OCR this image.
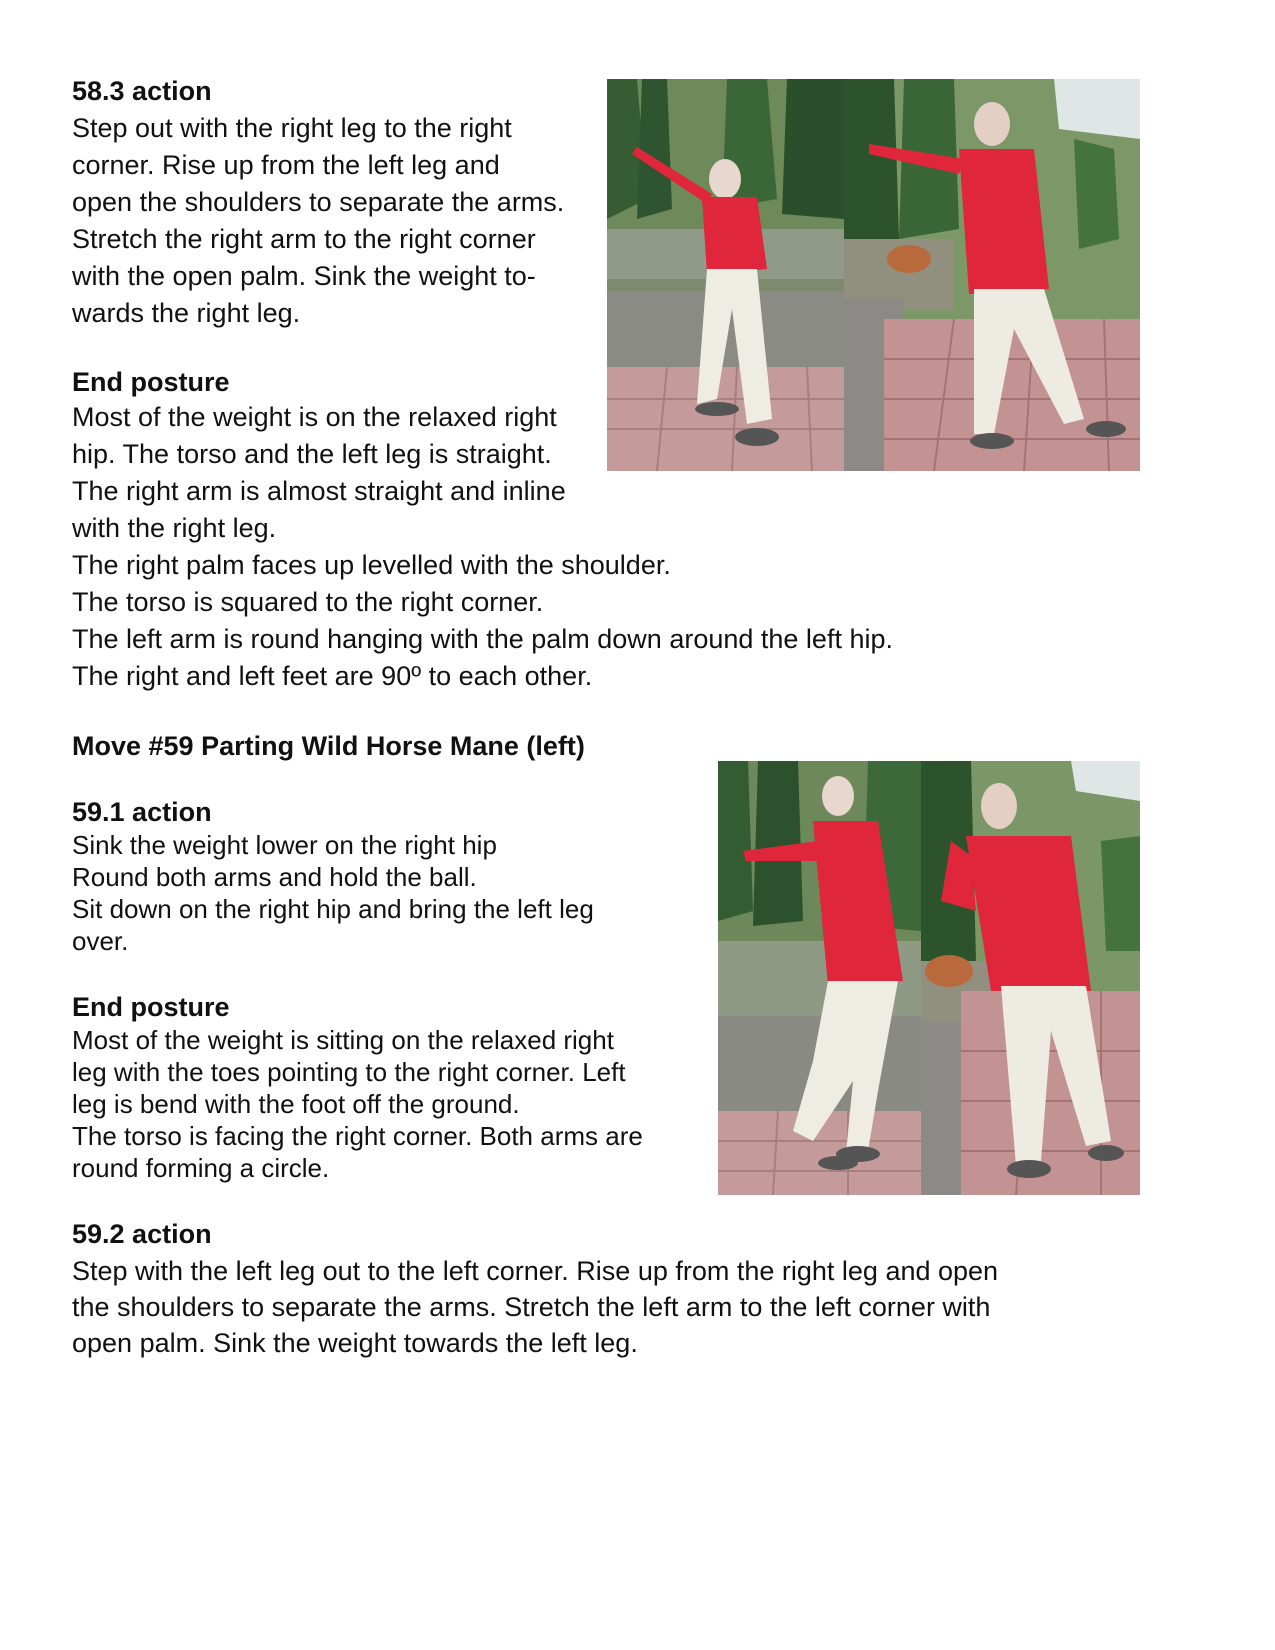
58.3 action

Step out with the right leg to the right
corner. Rise up from the left leg and
open the shoulders to separate the arms.
Stretch the right arm to the right corner
with the open palm. Sink the weight to-
wards the right leg.

End posture

Most of the weight is on the relaxed right
hip. The torso and the left leg is straight.
The right arm is almost straight and inline
with the right leg.
The right palm faces up levelled with the shoulder.
The torso is squared to the right corner.
The left arm is round hanging with the palm down around the left hip.
The right and left feet are 90º to each other.

Move #59 Parting Wild Horse Mane (left)
59.1 action

Sink the weight lower on the right hip
Round both arms and hold the ball.
Sit down on the right hip and bring the left leg
over.

End posture

Most of the weight is sitting on the relaxed right
leg with the toes pointing to the right corner. Left
leg is bend with the foot off the ground.
The torso is facing the right corner. Both arms are
round forming a circle.

59.2 action

Step with the left leg out to the left corner. Rise up from the right leg and open
the shoulders to separate the arms. Stretch the left arm to the left corner with
open palm. Sink the weight towards the left leg.
